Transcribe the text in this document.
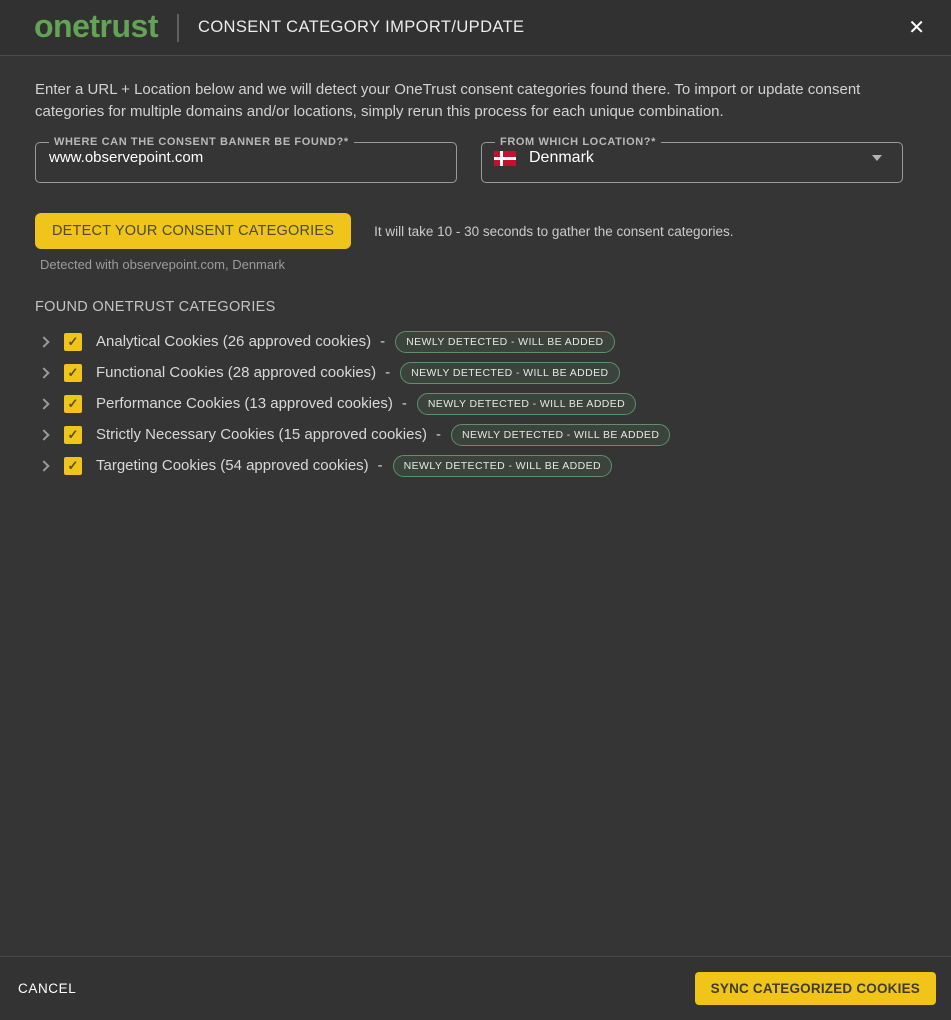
onetrust CONSENT CATEGORY IMPORT/UPDATE	✕
Enter a URL + Location below and we will detect your OneTrust consent categories found there. To import or update consent categories for multiple domains and/or locations, simply rerun this process for each unique combination.
WHERE CAN THE CONSENT BANNER BE FOUND?*
www.observepoint.com	FROM WHICH LOCATION?*
Denmark
DETECT YOUR CONSENT CATEGORIES	It will take 10 - 30 seconds to gather the consent categories.
Detected with observepoint.com, Denmark
FOUND ONETRUST CATEGORIES
✓ Analytical Cookies (26 approved cookies) -	NEWLY DETECTED - WILL BE ADDED
✓ Functional Cookies (28 approved cookies) -	NEWLY DETECTED - WILL BE ADDED
✓ Performance Cookies (13 approved cookies) -	NEWLY DETECTED - WILL BE ADDED
✓ Strictly Necessary Cookies (15 approved cookies) -	NEWLY DETECTED - WILL BE ADDED
✓ Targeting Cookies (54 approved cookies) -	NEWLY DETECTED - WILL BE ADDED
CANCEL	SYNC CATEGORIZED COOKIES
